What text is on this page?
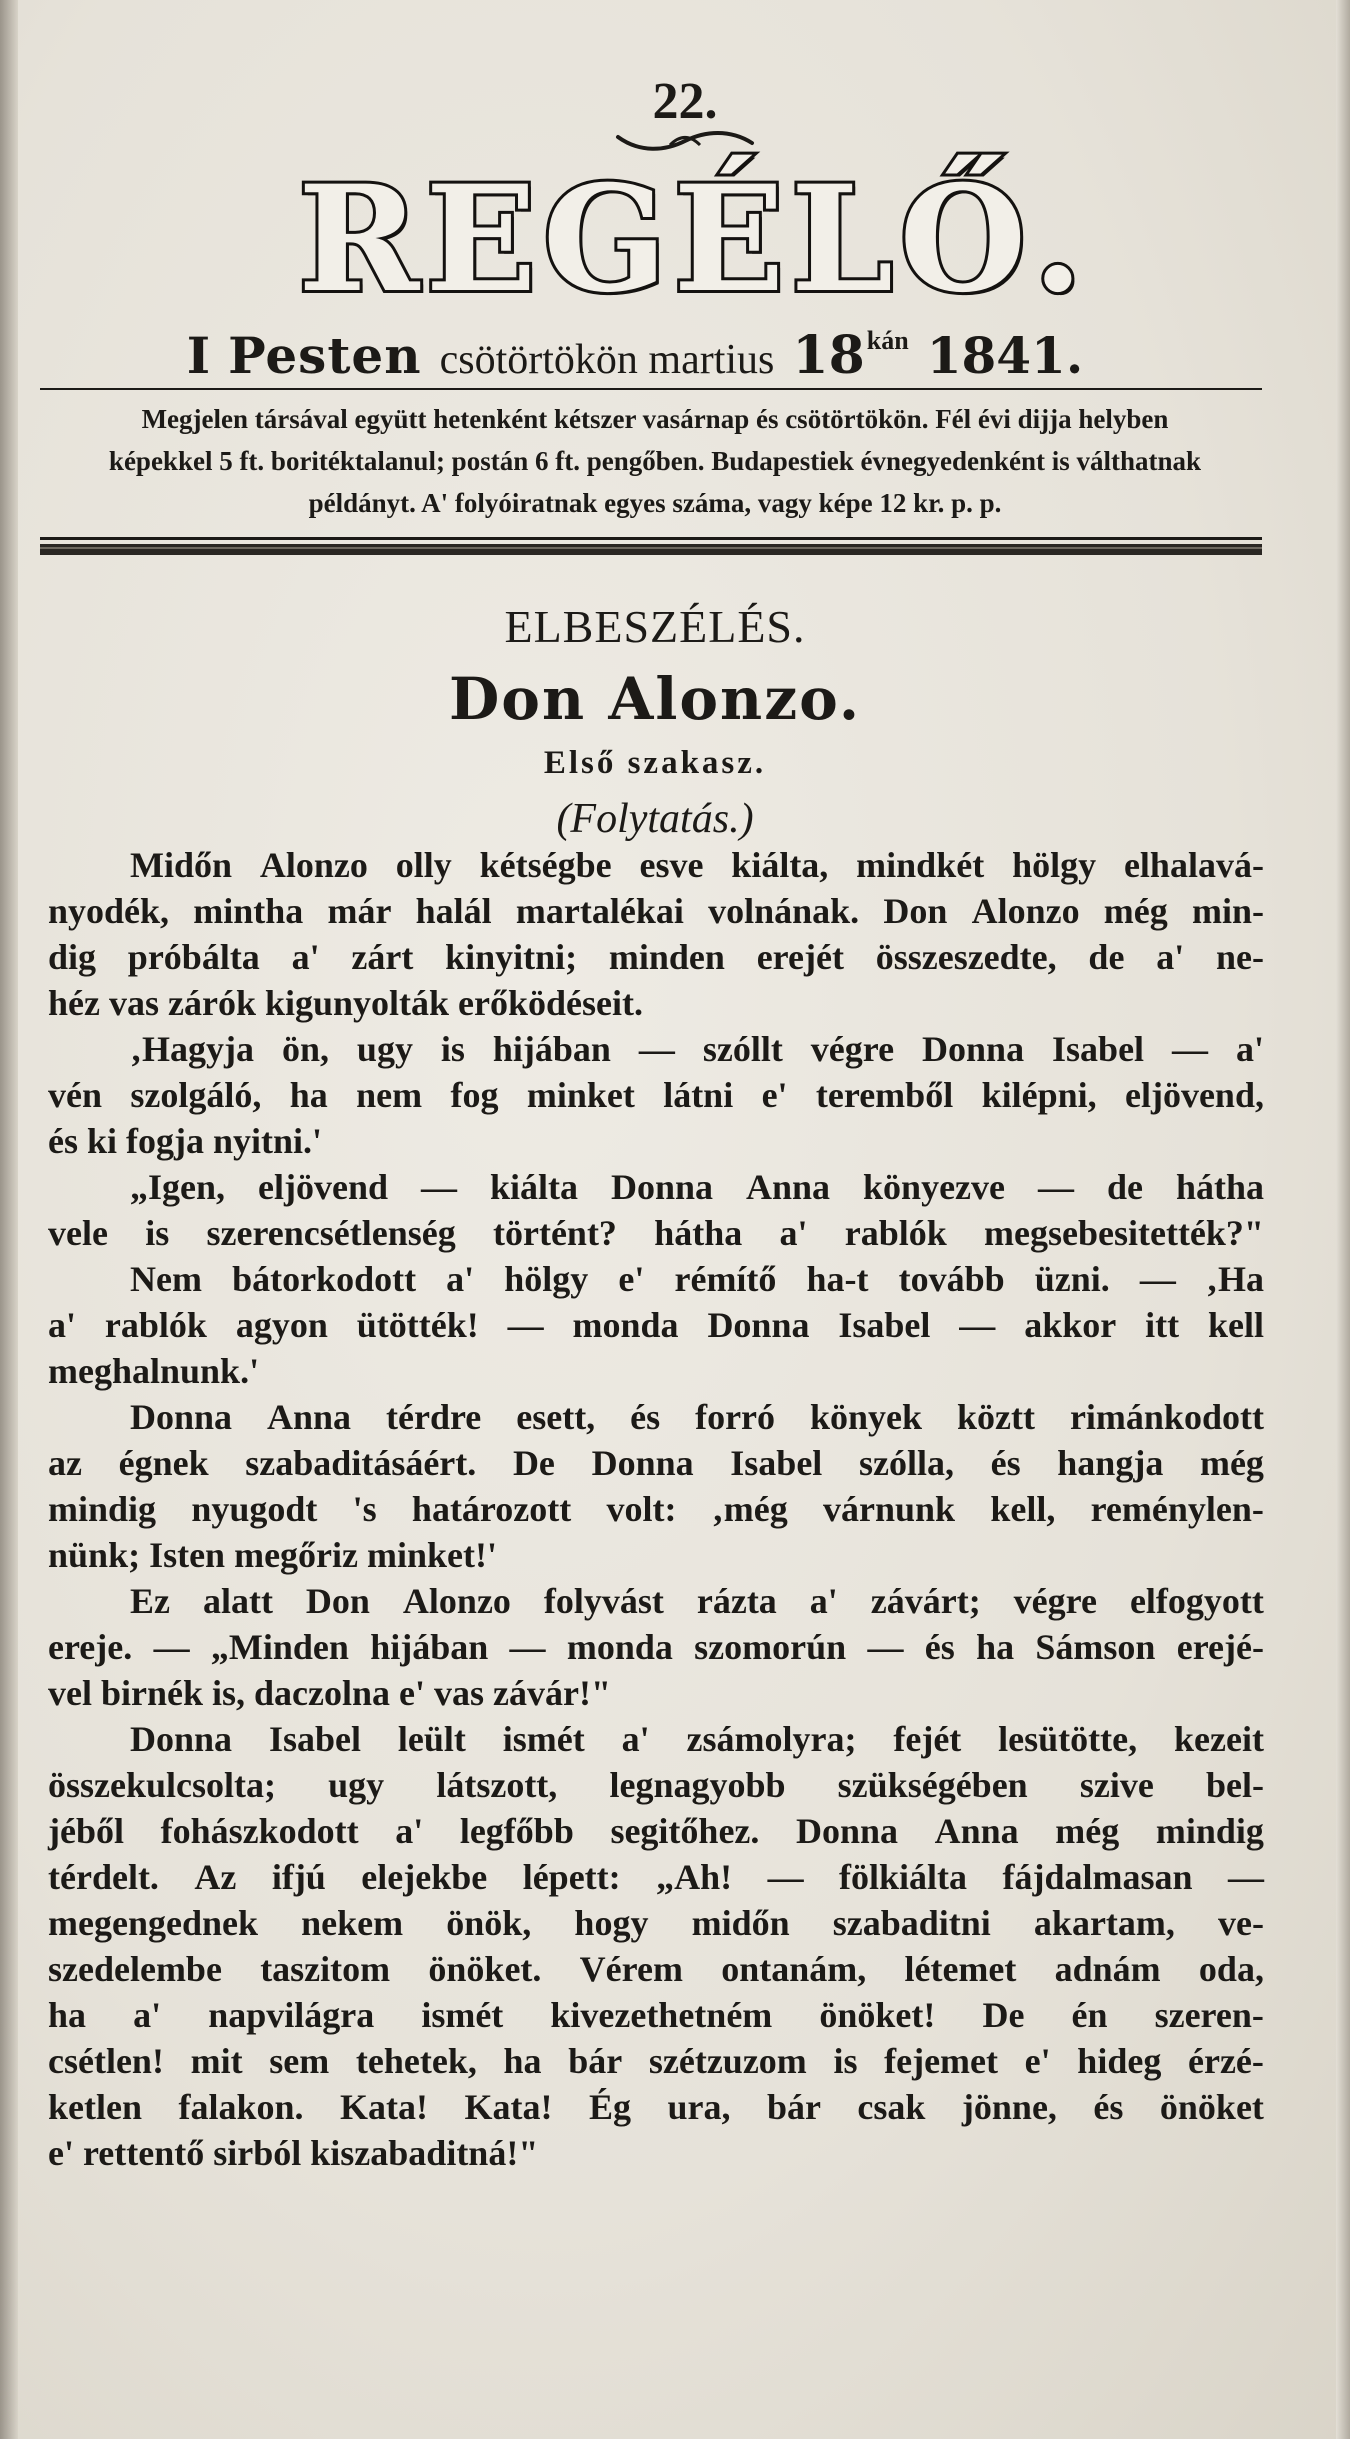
22.
REGÉLŐ.
I Pesten csötörtökön martius 18kán 1841.

Megjelen társával együtt hetenként kétszer vasárnap és csötörtökön. Fél évi dijja helyben

képekkel 5 ft. boritéktalanul; postán 6 ft. pengőben. Budapestiek évnegyedenként is válthatnak

példányt. A' folyóiratnak egyes száma, vagy képe 12 kr. p. p.

ELBESZÉLÉS.
Don Alonzo.
Első szakasz.
(Folytatás.)
Midőn Alonzo olly kétségbe esve kiálta, mindkét hölgy elhalavá-
nyodék, mintha már halál martalékai volnának. Don Alonzo még min-
dig próbálta a' zárt kinyitni; minden erejét összeszedte, de a' ne-
héz vas zárók kigunyolták erőködéseit.
‚Hagyja ön, ugy is hijában — szóllt végre Donna Isabel — a'
vén szolgáló, ha nem fog minket látni e' teremből kilépni, eljövend,
és ki fogja nyitni.'
„Igen, eljövend — kiálta Donna Anna könyezve — de hátha
vele is szerencsétlenség történt? hátha a' rablók megsebesitették?"
Nem bátorkodott a' hölgy e' rémítő ha-t tovább üzni. — ‚Ha
a' rablók agyon ütötték! — monda Donna Isabel — akkor itt kell
meghalnunk.'
Donna Anna térdre esett, és forró könyek köztt rimánkodott
az égnek szabaditásáért. De Donna Isabel szólla, és hangja még
mindig nyugodt 's határozott volt: ‚még várnunk kell, reménylen-
nünk; Isten megőriz minket!'
Ez alatt Don Alonzo folyvást rázta a' závárt; végre elfogyott
ereje. — „Minden hijában — monda szomorún — és ha Sámson erejé-
vel birnék is, daczolna e' vas závár!"
Donna Isabel leült ismét a' zsámolyra; fejét lesütötte, kezeit
összekulcsolta; ugy látszott, legnagyobb szükségében szive bel-
jéből fohászkodott a' legfőbb segitőhez. Donna Anna még mindig
térdelt. Az ifjú elejekbe lépett: „Ah! — fölkiálta fájdalmasan —
megengednek nekem önök, hogy midőn szabaditni akartam, ve-
szedelembe taszitom önöket. Vérem ontanám, létemet adnám oda,
ha a' napvilágra ismét kivezethetném önöket! De én szeren-
csétlen! mit sem tehetek, ha bár szétzuzom is fejemet e' hideg érzé-
ketlen falakon. Kata! Kata! Ég ura, bár csak jönne, és önöket
e' rettentő sirból kiszabaditná!"
